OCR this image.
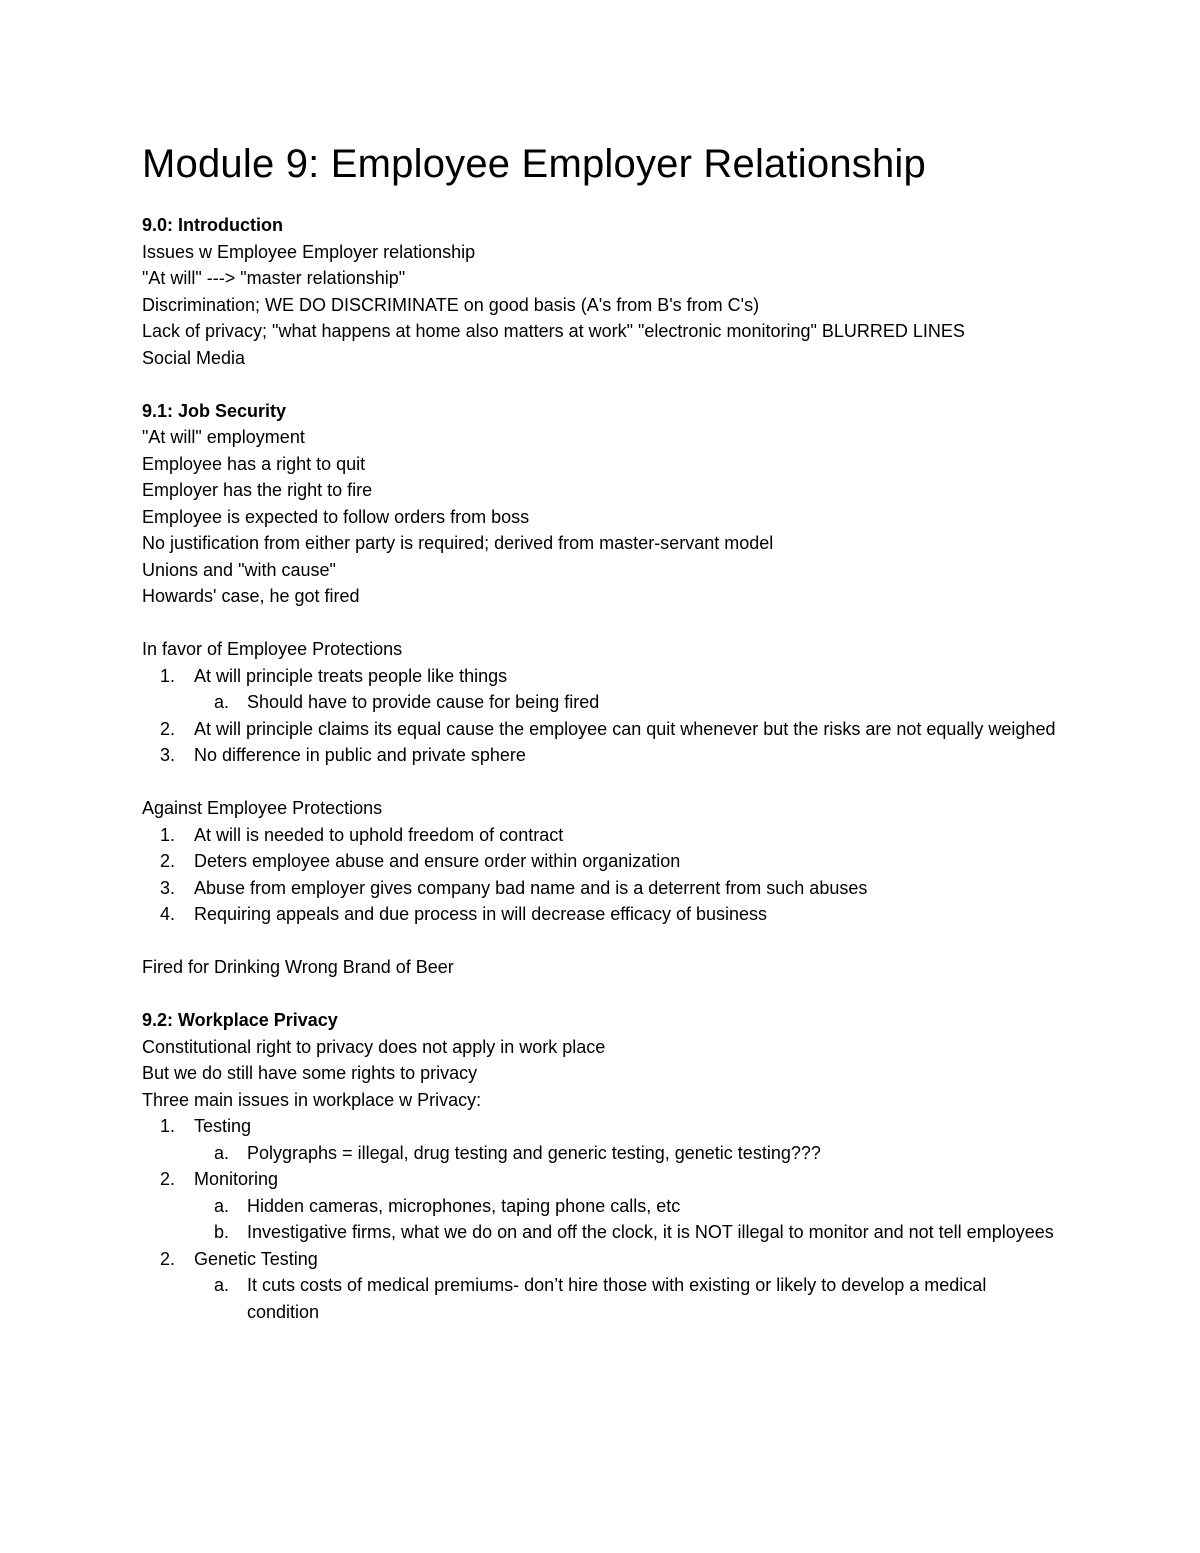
Module 9: Employee Employer Relationship

9.0: Introduction

Issues w Employee Employer relationship

"At will" ---> "master relationship"

Discrimination; WE DO DISCRIMINATE on good basis (A's from B's from C's)

Lack of privacy; "what happens at home also matters at work" "electronic monitoring" BLURRED LINES

Social Media

9.1: Job Security

"At will" employment

Employee has a right to quit

Employer has the right to fire

Employee is expected to follow orders from boss

No justification from either party is required; derived from master-servant model

Unions and "with cause"

Howards' case, he got fired

In favor of Employee Protections

1.	At will principle treats people like things
a. Should have to provide cause for being fired
2.	At will principle claims its equal cause the employee can quit whenever but the risks are not equally weighed
3.	No difference in public and private sphere

Against Employee Protections

1.	At will is needed to uphold freedom of contract
2.	Deters employee abuse and ensure order within organization
3.	Abuse from employer gives company bad name and is a deterrent from such abuses
4.	Requiring appeals and due process in will decrease efficacy of business

Fired for Drinking Wrong Brand of Beer

9.2: Workplace Privacy

Constitutional right to privacy does not apply in work place

But we do still have some rights to privacy

Three main issues in workplace w Privacy:

1.	Testing
a. Polygraphs = illegal, drug testing and generic testing, genetic testing???
2.	Monitoring
a. Hidden cameras, microphones, taping phone calls, etc
b. Investigative firms, what we do on and off the clock, it is NOT illegal to monitor and not tell employees
2.	Genetic Testing
a. It cuts costs of medical premiums- don’t hire those with existing or likely to develop a medical condition
